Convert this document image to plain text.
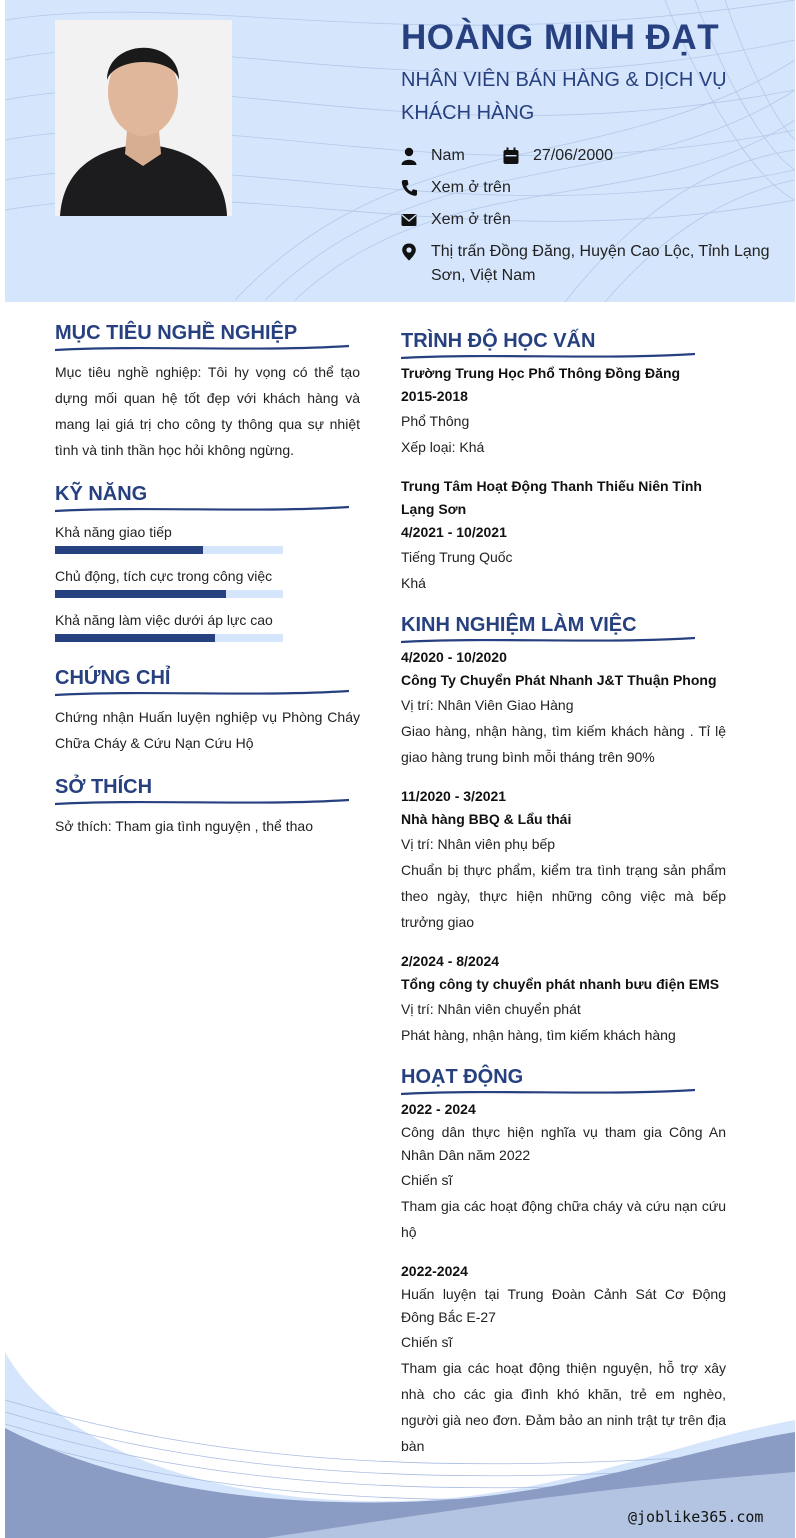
HOÀNG MINH ĐẠT
NHÂN VIÊN BÁN HÀNG & DỊCH VỤ KHÁCH HÀNG
Nam	27/06/2000
Xem ở trên
Xem ở trên
Thị trấn Đồng Đăng, Huyện Cao Lộc, Tỉnh Lạng Sơn, Việt Nam
MỤC TIÊU NGHỀ NGHIỆP
Mục tiêu nghề nghiệp: Tôi hy vọng có thể tạo dựng mối quan hệ tốt đẹp với khách hàng và mang lại giá trị cho công ty thông qua sự nhiệt tình và tinh thần học hỏi không ngừng.
KỸ NĂNG
Khả năng giao tiếp
Chủ động, tích cực trong công việc
Khả năng làm việc dưới áp lực cao
CHỨNG CHỈ
Chứng nhận Huấn luyện nghiệp vụ Phòng Cháy Chữa Cháy & Cứu Nạn Cứu Hộ
SỞ THÍCH
Sở thích: Tham gia tình nguyện , thể thao
TRÌNH ĐỘ HỌC VẤN
Trường Trung Học Phổ Thông Đồng Đăng
2015-2018
Phổ Thông
Xếp loại: Khá
Trung Tâm Hoạt Động Thanh Thiếu Niên Tỉnh Lạng Sơn
4/2021 - 10/2021
Tiếng Trung Quốc
Khá
KINH NGHIỆM LÀM VIỆC
4/2020 - 10/2020
Công Ty Chuyển Phát Nhanh J&T Thuận Phong
Vị trí: Nhân Viên Giao Hàng
Giao hàng, nhận hàng, tìm kiếm khách hàng . Tỉ lệ giao hàng trung bình mỗi tháng trên 90%
11/2020 - 3/2021
Nhà hàng BBQ & Lẩu thái
Vị trí: Nhân viên phụ bếp
Chuẩn bị thực phẩm, kiểm tra tình trạng sản phẩm theo ngày, thực hiện những công việc mà bếp trưởng giao
2/2024 - 8/2024
Tổng công ty chuyển phát nhanh bưu điện EMS
Vị trí: Nhân viên chuyển phát
Phát hàng, nhận hàng, tìm kiếm khách hàng
HOẠT ĐỘNG
2022 - 2024
Công dân thực hiện nghĩa vụ tham gia Công An Nhân Dân năm 2022
Chiến sĩ
Tham gia các hoạt động chữa cháy và cứu nạn cứu hộ
2022-2024
Huấn luyện tại Trung Đoàn Cảnh Sát Cơ Động Đông Bắc E-27
Chiến sĩ
Tham gia các hoạt động thiện nguyện, hỗ trợ xây nhà cho các gia đình khó khăn, trẻ em nghèo, người già neo đơn. Đảm bảo an ninh trật tự trên địa bàn
@joblike365.com
